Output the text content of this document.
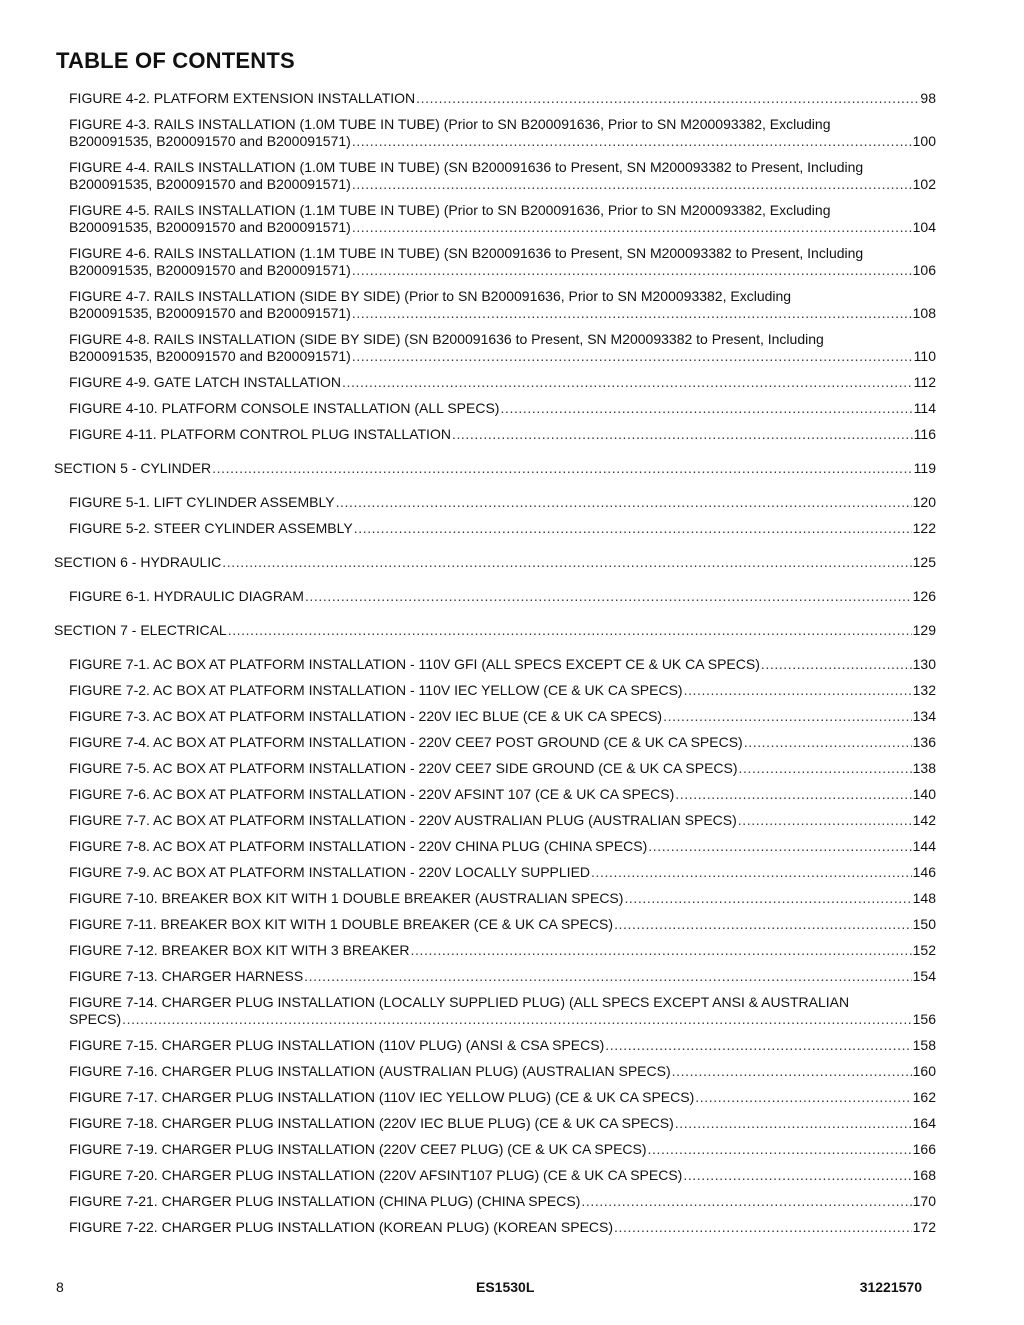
TABLE OF CONTENTS
FIGURE 4-2. PLATFORM EXTENSION INSTALLATION .....	98
FIGURE 4-3. RAILS INSTALLATION (1.0M TUBE IN TUBE) (Prior to SN B200091636, Prior to SN M200093382, Excluding
B200091535, B200091570 and B200091571) .....	100
FIGURE 4-4. RAILS INSTALLATION (1.0M TUBE IN TUBE) (SN B200091636 to Present, SN M200093382 to Present, Including
B200091535, B200091570 and B200091571) .....	102
FIGURE 4-5. RAILS INSTALLATION (1.1M TUBE IN TUBE) (Prior to SN B200091636, Prior to SN M200093382, Excluding
B200091535, B200091570 and B200091571) .....	104
FIGURE 4-6. RAILS INSTALLATION (1.1M TUBE IN TUBE) (SN B200091636 to Present, SN M200093382 to Present, Including
B200091535, B200091570 and B200091571) .....	106
FIGURE 4-7. RAILS INSTALLATION (SIDE BY SIDE) (Prior to SN B200091636, Prior to SN M200093382, Excluding
B200091535, B200091570 and B200091571) .....	108
FIGURE 4-8. RAILS INSTALLATION (SIDE BY SIDE) (SN B200091636 to Present, SN M200093382 to Present, Including
B200091535, B200091570 and B200091571) .....	110
FIGURE 4-9. GATE LATCH INSTALLATION .....	112
FIGURE 4-10. PLATFORM CONSOLE INSTALLATION (ALL SPECS) .....	114
FIGURE 4-11. PLATFORM CONTROL PLUG INSTALLATION .....	116
SECTION 5 - CYLINDER .....	119
FIGURE 5-1. LIFT CYLINDER ASSEMBLY .....	120
FIGURE 5-2. STEER CYLINDER ASSEMBLY .....	122
SECTION 6 - HYDRAULIC .....	125
FIGURE 6-1. HYDRAULIC DIAGRAM .....	126
SECTION 7 - ELECTRICAL .....	129
FIGURE 7-1. AC BOX AT PLATFORM INSTALLATION - 110V GFI (ALL SPECS EXCEPT CE & UK CA SPECS) .....	130
FIGURE 7-2. AC BOX AT PLATFORM INSTALLATION - 110V IEC YELLOW (CE & UK CA SPECS) .....	132
FIGURE 7-3. AC BOX AT PLATFORM INSTALLATION - 220V IEC BLUE (CE & UK CA SPECS) .....	134
FIGURE 7-4. AC BOX AT PLATFORM INSTALLATION - 220V CEE7 POST GROUND (CE & UK CA SPECS) .....	136
FIGURE 7-5. AC BOX AT PLATFORM INSTALLATION - 220V CEE7 SIDE GROUND (CE & UK CA SPECS) .....	138
FIGURE 7-6. AC BOX AT PLATFORM INSTALLATION - 220V AFSINT 107 (CE & UK CA SPECS) .....	140
FIGURE 7-7. AC BOX AT PLATFORM INSTALLATION - 220V AUSTRALIAN PLUG (AUSTRALIAN SPECS) .....	142
FIGURE 7-8. AC BOX AT PLATFORM INSTALLATION - 220V CHINA PLUG (CHINA SPECS) .....	144
FIGURE 7-9. AC BOX AT PLATFORM INSTALLATION - 220V LOCALLY SUPPLIED .....	146
FIGURE 7-10. BREAKER BOX KIT WITH 1 DOUBLE BREAKER (AUSTRALIAN SPECS) .....	148
FIGURE 7-11. BREAKER BOX KIT WITH 1 DOUBLE BREAKER (CE & UK CA SPECS) .....	150
FIGURE 7-12. BREAKER BOX KIT WITH 3 BREAKER .....	152
FIGURE 7-13. CHARGER HARNESS .....	154
FIGURE 7-14. CHARGER PLUG INSTALLATION (LOCALLY SUPPLIED PLUG) (ALL SPECS EXCEPT ANSI & AUSTRALIAN
SPECS) .....	156
FIGURE 7-15. CHARGER PLUG INSTALLATION (110V PLUG) (ANSI & CSA SPECS) .....	158
FIGURE 7-16. CHARGER PLUG INSTALLATION (AUSTRALIAN PLUG) (AUSTRALIAN SPECS) .....	160
FIGURE 7-17. CHARGER PLUG INSTALLATION (110V IEC YELLOW PLUG) (CE & UK CA SPECS) .....	162
FIGURE 7-18. CHARGER PLUG INSTALLATION (220V IEC BLUE PLUG) (CE & UK CA SPECS) .....	164
FIGURE 7-19. CHARGER PLUG INSTALLATION (220V CEE7 PLUG) (CE & UK CA SPECS) .....	166
FIGURE 7-20. CHARGER PLUG INSTALLATION (220V AFSINT107 PLUG) (CE & UK CA SPECS) .....	168
FIGURE 7-21. CHARGER PLUG INSTALLATION (CHINA PLUG) (CHINA SPECS) .....	170
FIGURE 7-22. CHARGER PLUG INSTALLATION (KOREAN PLUG) (KOREAN SPECS) .....	172
8	ES1530L	31221570
